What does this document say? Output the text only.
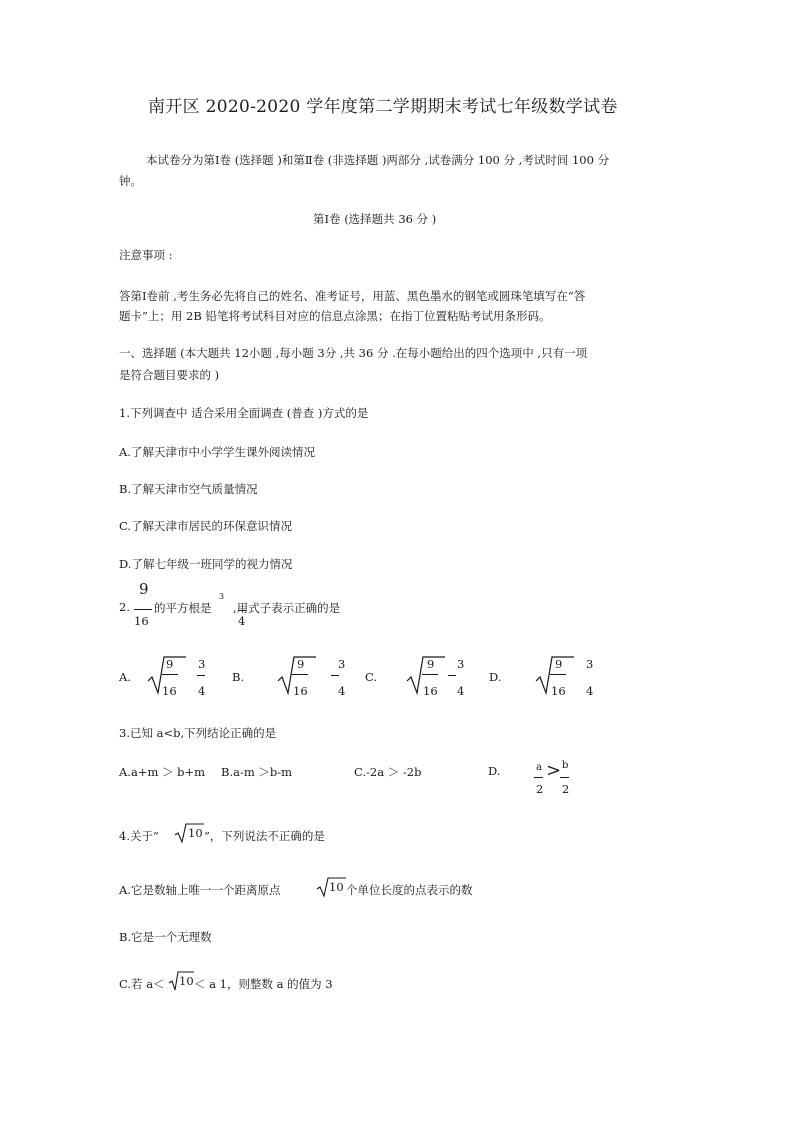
南开区 2020-2020 学年度第二学期期末考试七年级数学试卷
本试卷分为第Ⅰ卷 (选择题 )和第Ⅱ卷 (非选择题 )两部分 ,试卷满分 100 分 ,考试时间 100 分
钟。
第Ⅰ卷 (选择题共 36 分 )
注意事项 :
答第Ⅰ卷前 ,考生务必先将自己的姓名、准考证号，用蓝、黑色墨水的钢笔或圆珠笔填写在“答
题卡”上；用 2B 铅笔将考试科目对应的信息点涂黑；在指丁位置粘贴考试用条形码。
一、选择题 (本大题共 12小题 ,每小题 3分 ,共 36 分 .在每小题给出的四个选项中 ,只有一项
是符合题目要求的 )
1.下列调查中 适合采用全面调查 (普查 )方式的是
A.了解天津市中小学学生课外阅读情况
B.了解天津市空气质量情况
C.了解天津市居民的环保意识情况
D.了解七年级一班同学的视力情况
2.
9
16
的平方根是
3
,用式子表示正确的是
4
A.
9
16
3
4
B.
9
16
3
4
C.
9
16
3
4
D.
9
16
3
4
3.已知 a<b,下列结论正确的是
A.a+m ＞ b+m B.a-m ＞b-m	C.-2a ＞ -2b	D.	a
2
> b
2
4.关于“	10 ”，下列说法不正确的是
A.它是数轴上唯一一个距离原点	10 个单位长度的点表示的数
B.它是一个无理数
C.若 a＜ 10 ＜ a 1，则整数 a 的值为 3
